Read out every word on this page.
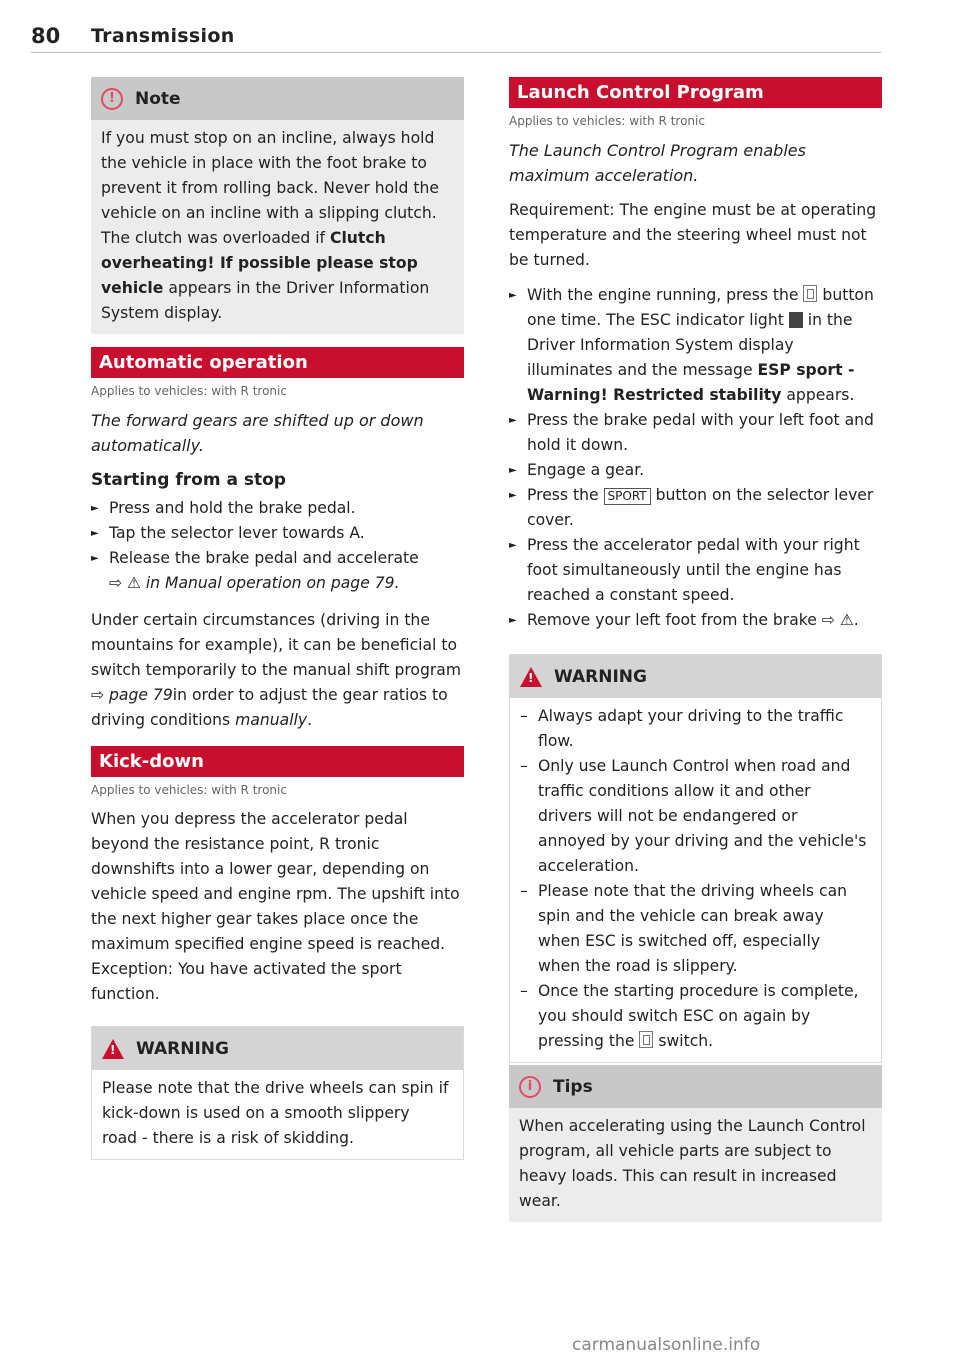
80 Transmission
!	Note
If you must stop on an incline, always hold the vehicle in place with the foot brake to prevent it from rolling back. Never hold the vehicle on an incline with a slipping clutch. The clutch was overloaded if Clutch overheating! If possible please stop vehicle appears in the Driver Information System display.
Automatic operation
Applies to vehicles: with R tronic
The forward gears are shifted up or down automatically.
Starting from a stop
► Press and hold the brake pedal.
► Tap the selector lever towards A.
► Release the brake pedal and accelerate
⇨ ⚠ in Manual operation on page 79.
Under certain circumstances (driving in the mountains for example), it can be beneficial to switch temporarily to the manual shift program ⇨ page 79in order to adjust the gear ratios to driving conditions manually.
Kick-down
Applies to vehicles: with R tronic
When you depress the accelerator pedal beyond the resistance point, R tronic downshifts into a lower gear, depending on vehicle speed and engine rpm. The upshift into the next higher gear takes place once the maximum specified engine speed is reached. Exception: You have activated the sport function.
!
WARNING
Please note that the drive wheels can spin if kick-down is used on a smooth slippery road - there is a risk of skidding.
Launch Control Program
Applies to vehicles: with R tronic
The Launch Control Program enables maximum acceleration.
Requirement: The engine must be at operating temperature and the steering wheel must not be turned.
► With the engine running, press the  button one time. The ESC indicator light  in the Driver Information System display illuminates and the message ESP sport - Warning! Restricted stability appears.
► Press the brake pedal with your left foot and hold it down.
► Engage a gear.
► Press the SPORT button on the selector lever cover.
► Press the accelerator pedal with your right foot simultaneously until the engine has reached a constant speed.
► Remove your left foot from the brake ⇨ ⚠.
!
WARNING
– Always adapt your driving to the traffic flow.
– Only use Launch Control when road and traffic conditions allow it and other drivers will not be endangered or annoyed by your driving and the vehicle's acceleration.
– Please note that the driving wheels can spin and the vehicle can break away when ESC is switched off, especially when the road is slippery.
– Once the starting procedure is complete, you should switch ESC on again by pressing the  switch.
i	Tips
When accelerating using the Launch Control program, all vehicle parts are subject to heavy loads. This can result in increased wear.
carmanualsonline.info
